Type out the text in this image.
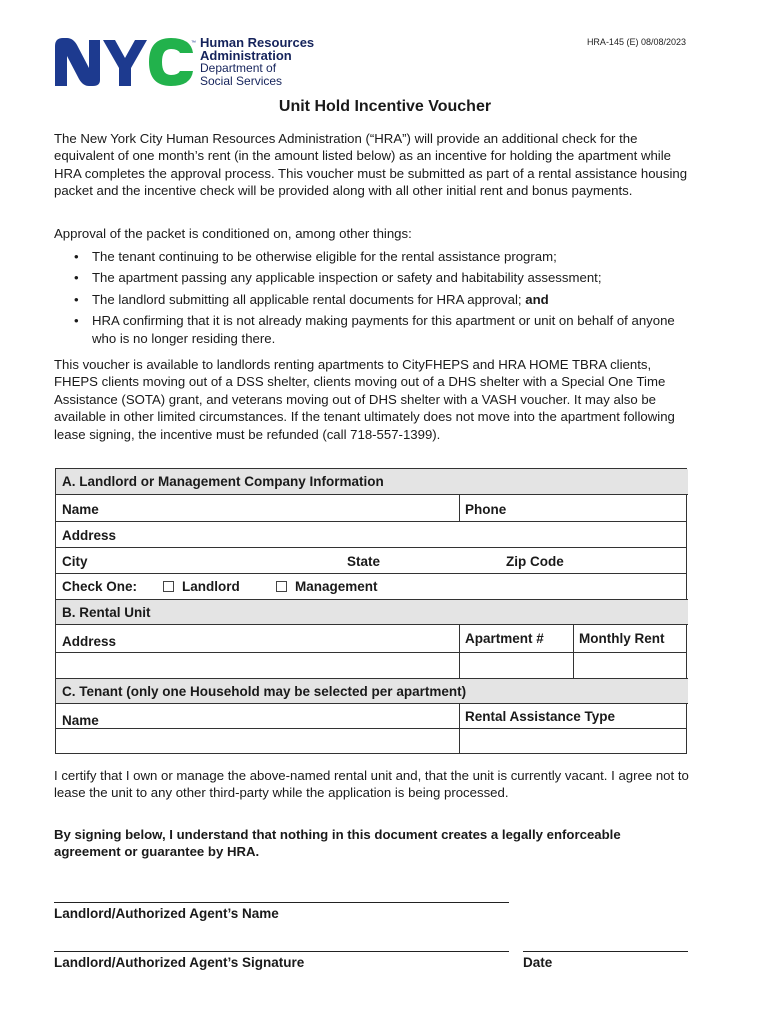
™ Human Resources
Administration
Department of
Social Services
HRA-145 (E) 08/08/2023
Unit Hold Incentive Voucher

The New York City Human Resources Administration (“HRA”) will provide an additional check for the equivalent of one month’s rent (in the amount listed below) as an incentive for holding the apartment while HRA completes the approval process. This voucher must be submitted as part of a rental assistance housing packet and the incentive check will be provided along with all other initial rent and bonus payments.

Approval of the packet is conditioned on, among other things:

• The tenant continuing to be otherwise eligible for the rental assistance program;
• The apartment passing any applicable inspection or safety and habitability assessment;
• The landlord submitting all applicable rental documents for HRA approval; and
• HRA confirming that it is not already making payments for this apartment or unit on behalf of anyone who is no longer residing there.

This voucher is available to landlords renting apartments to CityFHEPS and HRA HOME TBRA clients, FHEPS clients moving out of a DSS shelter, clients moving out of a DHS shelter with a Special One Time Assistance (SOTA) grant, and veterans moving out of DHS shelter with a VASH voucher. It may also be available in other limited circumstances. If the tenant ultimately does not move into the apartment following lease signing, the incentive must be refunded (call 718-557-1399).

A. Landlord or Management Company Information
Name	Phone
Address
City	State	Zip Code
Check One:	Landlord	Management
B. Rental Unit
Address	Apartment #	Monthly Rent
C. Tenant (only one Household may be selected per apartment)
Name	Rental Assistance Type

I certify that I own or manage the above-named rental unit and, that the unit is currently vacant. I agree not to lease the unit to any other third-party while the application is being processed.

By signing below, I understand that nothing in this document creates a legally enforceable agreement or guarantee by HRA.

Landlord/Authorized Agent’s Name
Landlord/Authorized Agent’s Signature	Date
